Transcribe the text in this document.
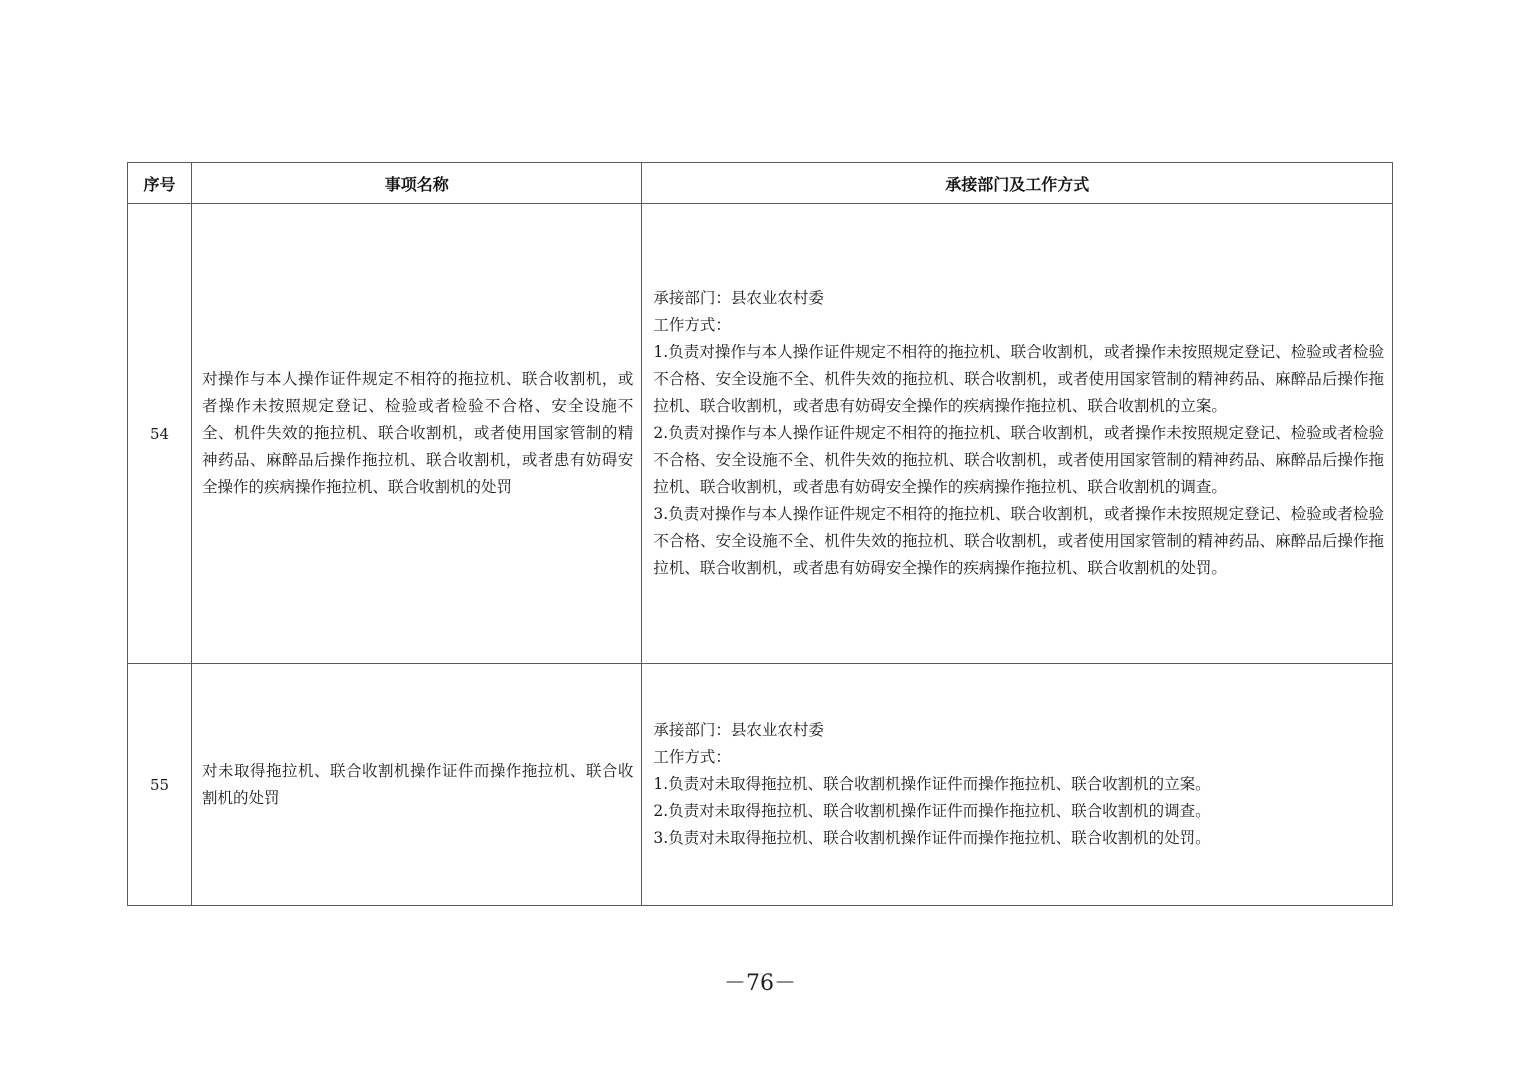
序号	事项名称	承接部门及工作方式
54	对操作与本人操作证件规定不相符的拖拉机、联合收割机，或者操作未按照规定登记、检验或者检验不合格、安全设施不全、机件失效的拖拉机、联合收割机，或者使用国家管制的精神药品、麻醉品后操作拖拉机、联合收割机，或者患有妨碍安全操作的疾病操作拖拉机、联合收割机的处罚	承接部门：县农业农村委

工作方式：

1.负责对操作与本人操作证件规定不相符的拖拉机、联合收割机，或者操作未按照规定登记、检验或者检验不合格、安全设施不全、机件失效的拖拉机、联合收割机，或者使用国家管制的精神药品、麻醉品后操作拖拉机、联合收割机，或者患有妨碍安全操作的疾病操作拖拉机、联合收割机的立案。

2.负责对操作与本人操作证件规定不相符的拖拉机、联合收割机，或者操作未按照规定登记、检验或者检验不合格、安全设施不全、机件失效的拖拉机、联合收割机，或者使用国家管制的精神药品、麻醉品后操作拖拉机、联合收割机，或者患有妨碍安全操作的疾病操作拖拉机、联合收割机的调查。

3.负责对操作与本人操作证件规定不相符的拖拉机、联合收割机，或者操作未按照规定登记、检验或者检验不合格、安全设施不全、机件失效的拖拉机、联合收割机，或者使用国家管制的精神药品、麻醉品后操作拖拉机、联合收割机，或者患有妨碍安全操作的疾病操作拖拉机、联合收割机的处罚。

55	对未取得拖拉机、联合收割机操作证件而操作拖拉机、联合收割机的处罚	承接部门：县农业农村委

工作方式：

1.负责对未取得拖拉机、联合收割机操作证件而操作拖拉机、联合收割机的立案。

2.负责对未取得拖拉机、联合收割机操作证件而操作拖拉机、联合收割机的调查。

3.负责对未取得拖拉机、联合收割机操作证件而操作拖拉机、联合收割机的处罚。

－76－
